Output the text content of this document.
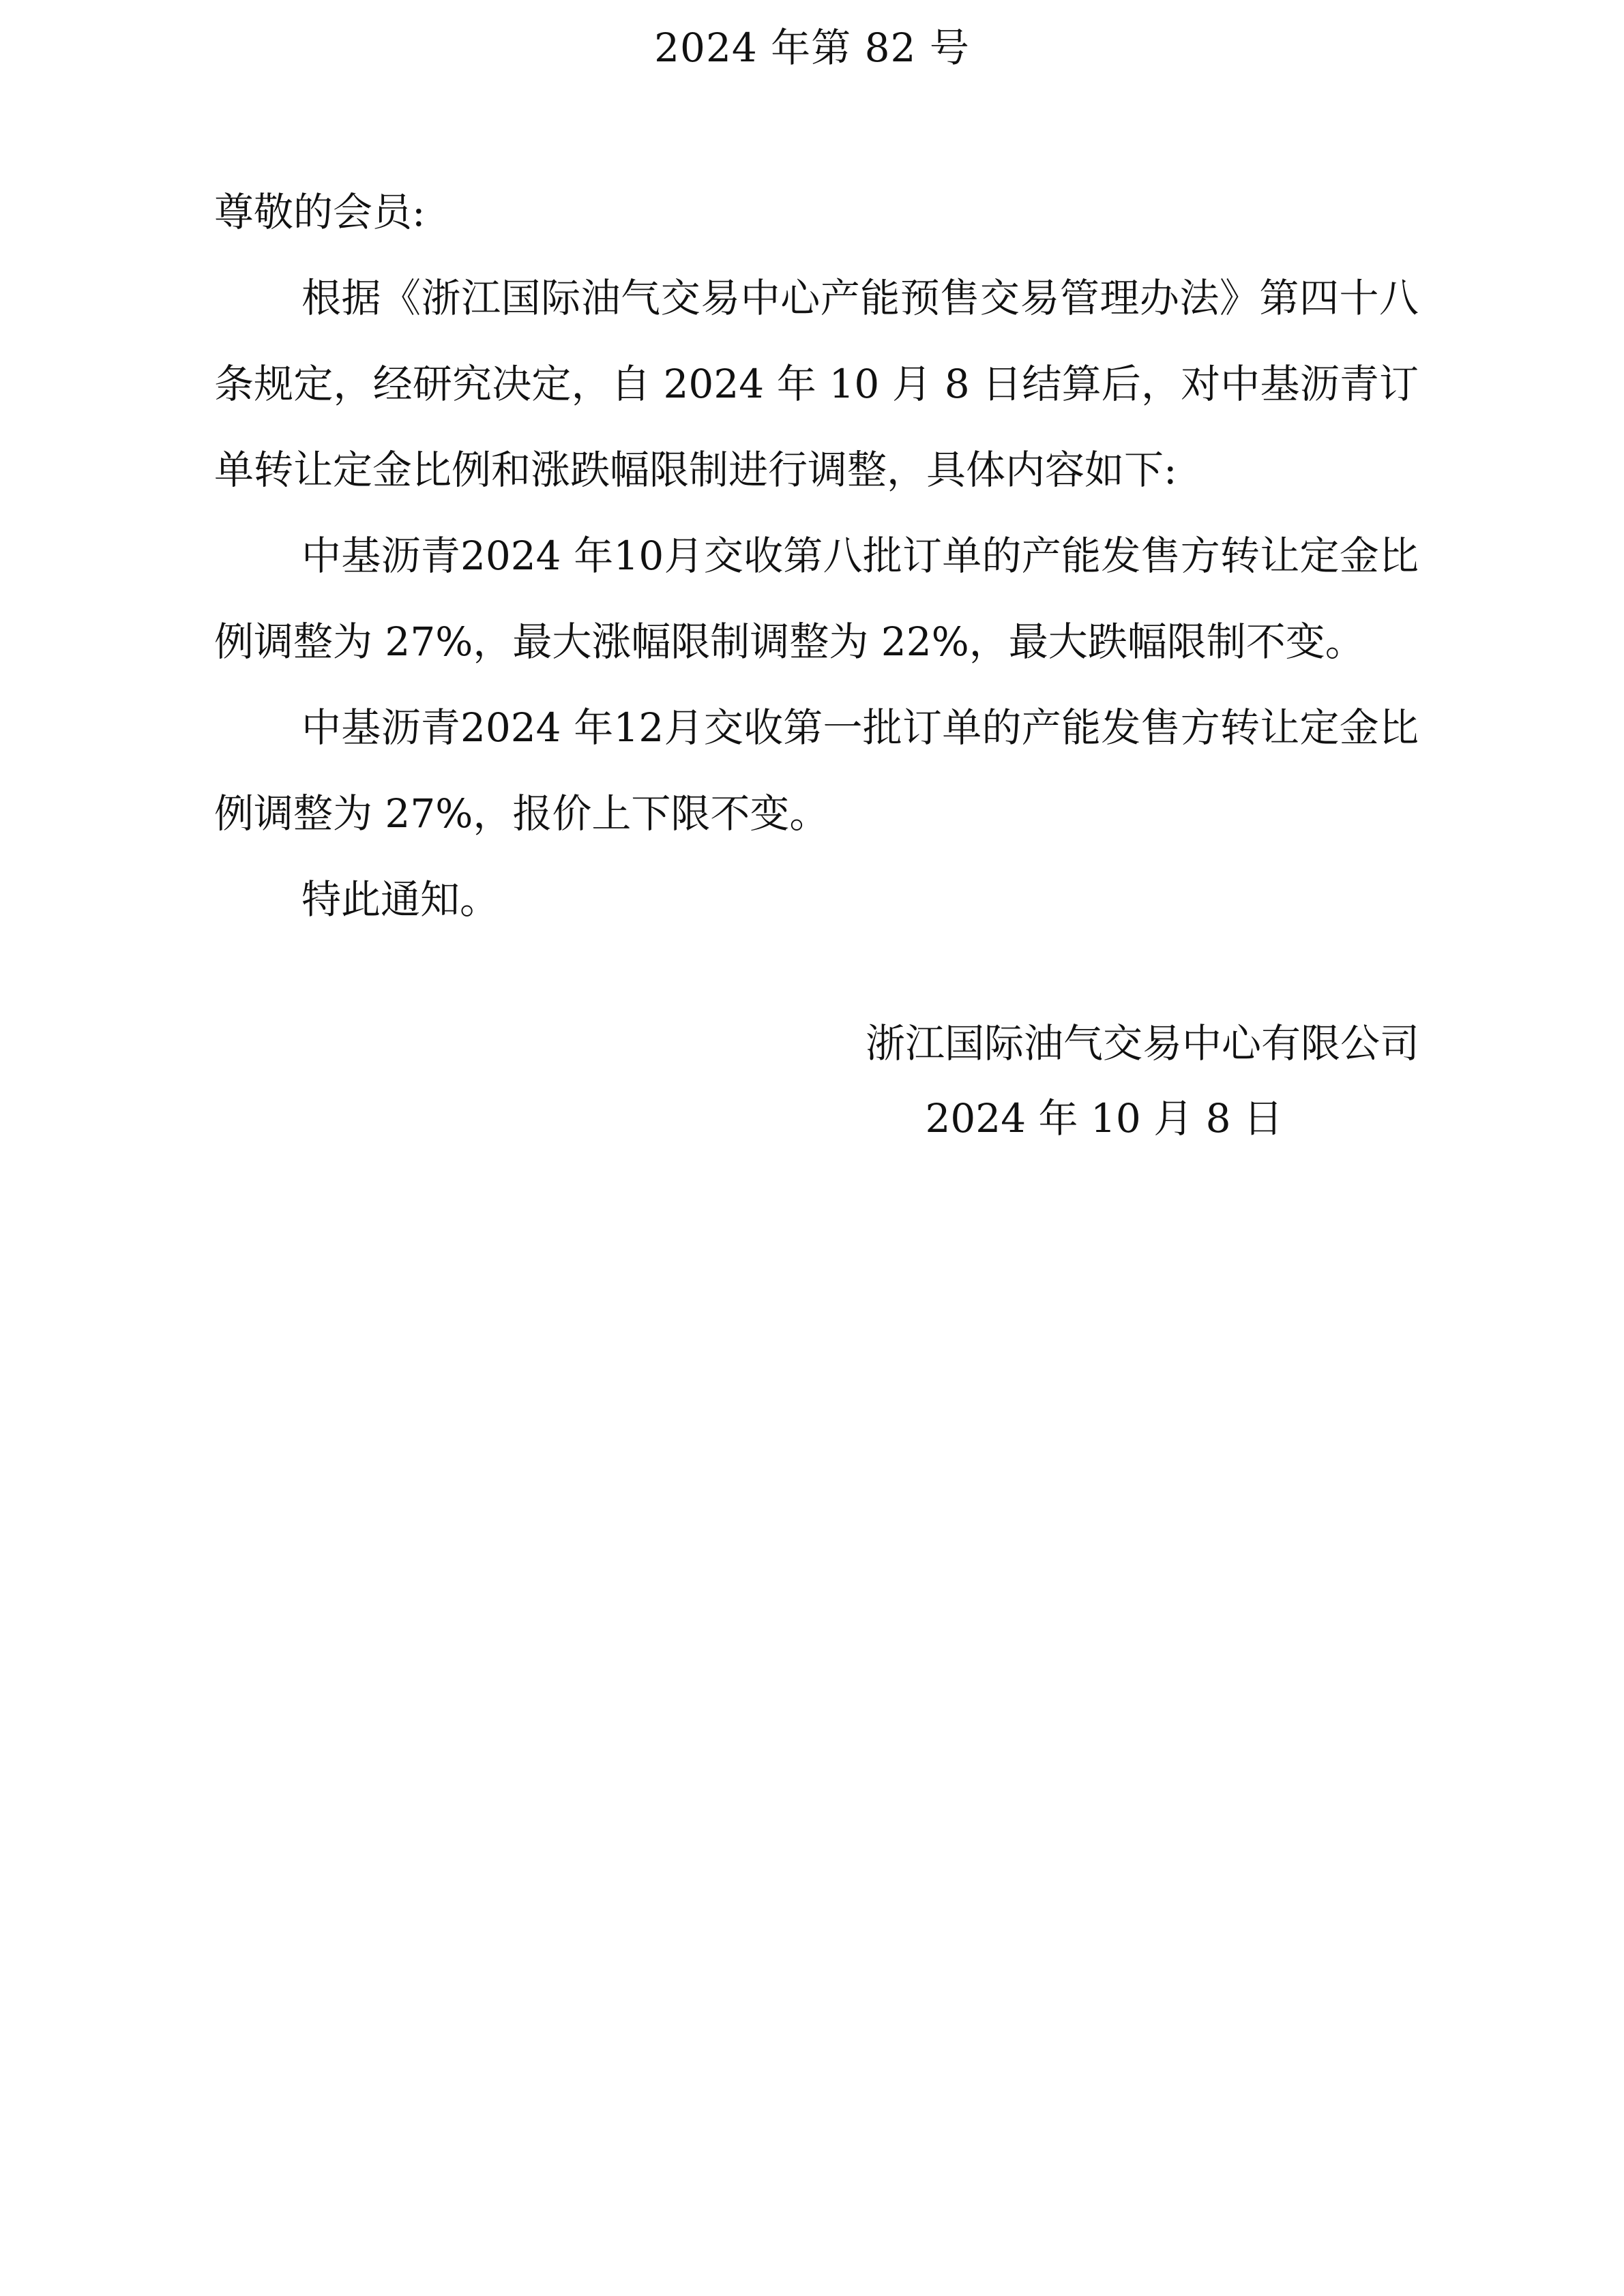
2024 年第 82 号

尊敬的会员:

根据《浙江国际油气交易中心产能预售交易管理办法》第四十八条规定，经研究决定，自 2024 年 10 月 8 日结算后，对中基沥青订单转让定金比例和涨跌幅限制进行调整，具体内容如下:

中基沥青2024 年10月交收第八批订单的产能发售方转让定金比例调整为 27%，最大涨幅限制调整为 22%，最大跌幅限制不变。

中基沥青2024 年12月交收第一批订单的产能发售方转让定金比例调整为 27%，报价上下限不变。

特此通知。

浙江国际油气交易中心有限公司
2024 年 10 月 8 日
